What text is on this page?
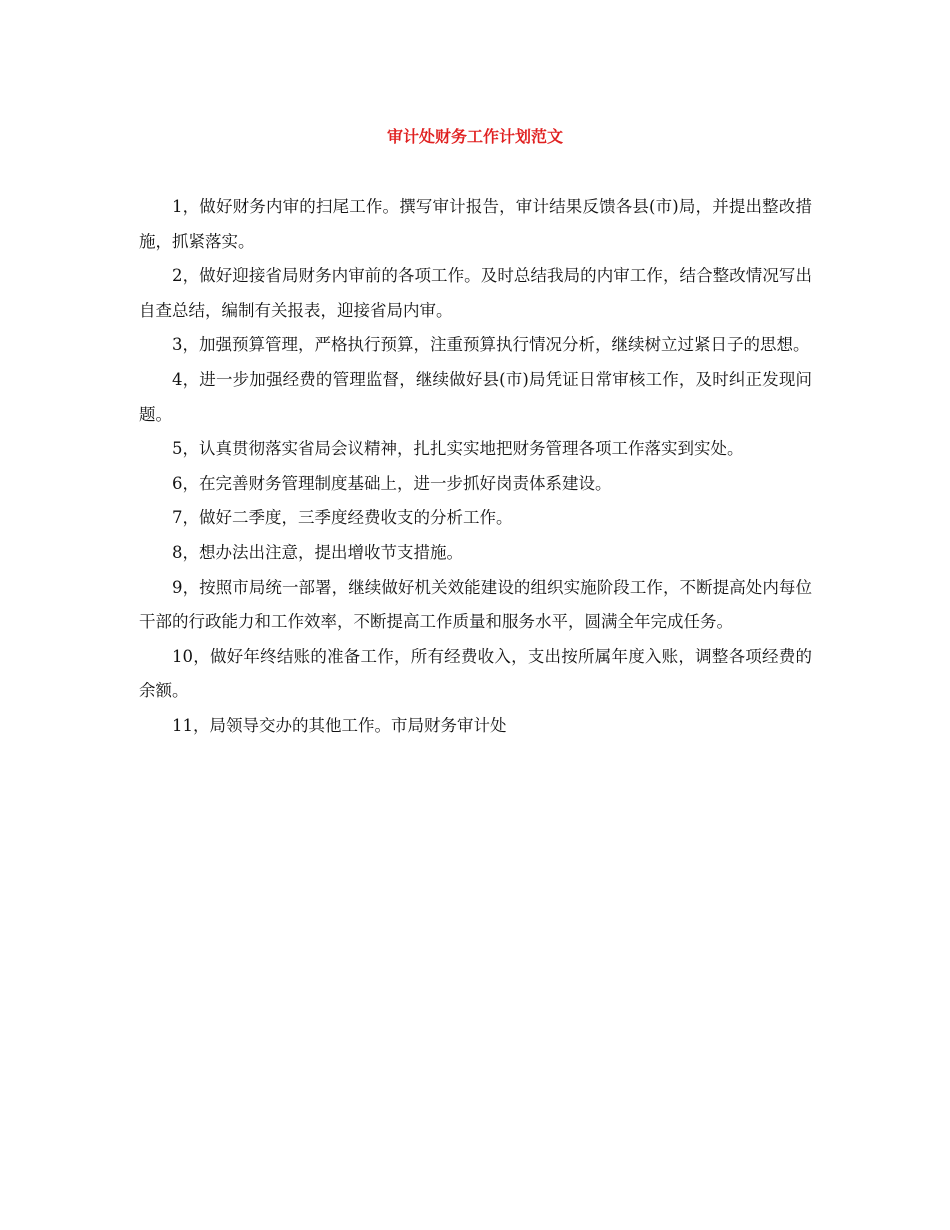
审计处财务工作计划范文

1，做好财务内审的扫尾工作。撰写审计报告，审计结果反馈各县(市)局，并提出整改措施，抓紧落实。

2，做好迎接省局财务内审前的各项工作。及时总结我局的内审工作，结合整改情况写出自查总结，编制有关报表，迎接省局内审。

3，加强预算管理，严格执行预算，注重预算执行情况分析，继续树立过紧日子的思想。

4，进一步加强经费的管理监督，继续做好县(市)局凭证日常审核工作，及时纠正发现问题。

5，认真贯彻落实省局会议精神，扎扎实实地把财务管理各项工作落实到实处。

6，在完善财务管理制度基础上，进一步抓好岗责体系建设。

7，做好二季度，三季度经费收支的分析工作。

8，想办法出注意，提出增收节支措施。

9，按照市局统一部署，继续做好机关效能建设的组织实施阶段工作，不断提高处内每位干部的行政能力和工作效率，不断提高工作质量和服务水平，圆满全年完成任务。

10，做好年终结账的准备工作，所有经费收入，支出按所属年度入账，调整各项经费的余额。

11，局领导交办的其他工作。市局财务审计处
